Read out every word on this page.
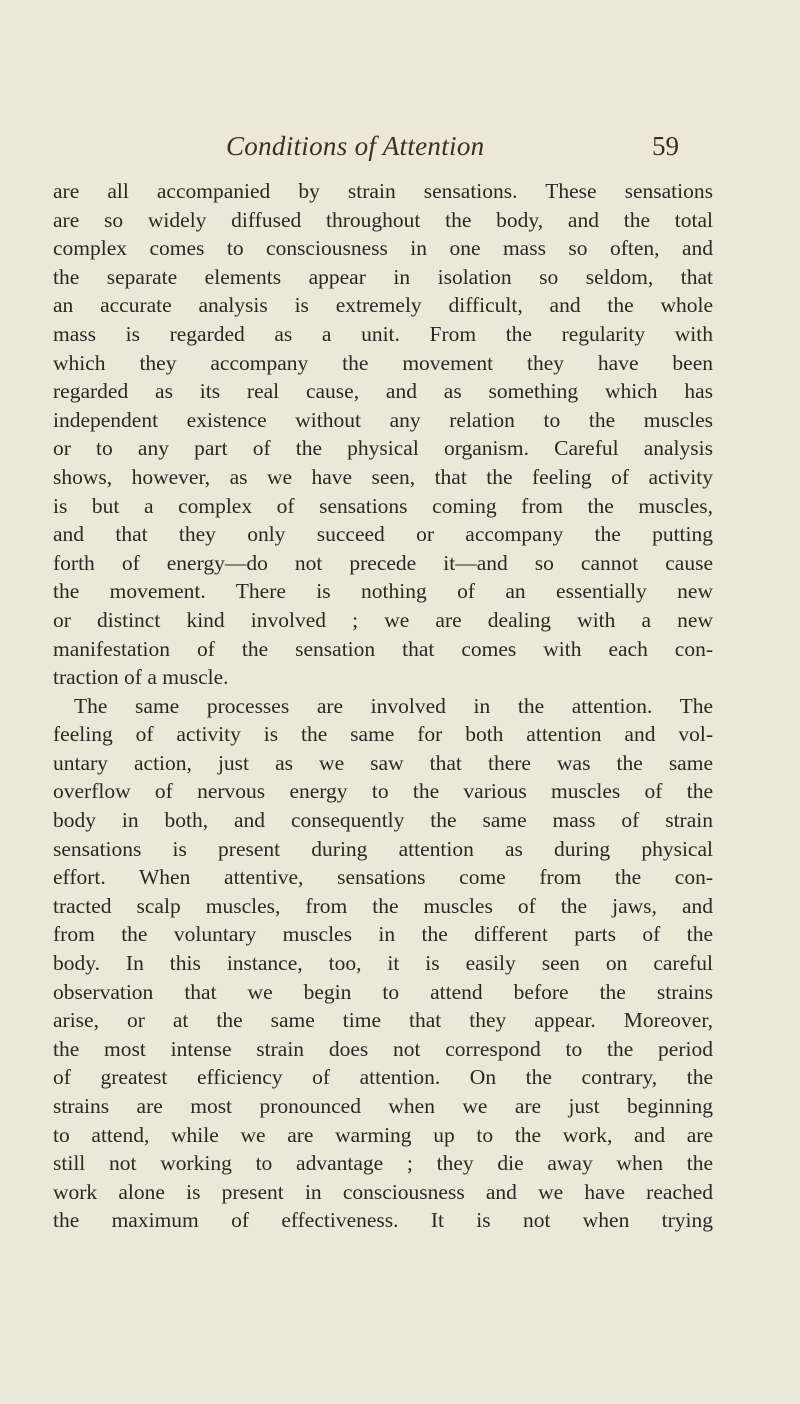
Conditions of Attention	59
are all accompanied by strain sensations. These sensations
are so widely diffused throughout the body, and the total
complex comes to consciousness in one mass so often, and
the separate elements appear in isolation so seldom, that
an accurate analysis is extremely difficult, and the whole
mass is regarded as a unit. From the regularity with
which they accompany the movement they have been
regarded as its real cause, and as something which has
independent existence without any relation to the muscles
or to any part of the physical organism. Careful analysis
shows, however, as we have seen, that the feeling of activity
is but a complex of sensations coming from the muscles,
and that they only succeed or accompany the putting
forth of energy—do not precede it—and so cannot cause
the movement. There is nothing of an essentially new
or distinct kind involved ; we are dealing with a new
manifestation of the sensation that comes with each con-
traction of a muscle.
The same processes are involved in the attention. The
feeling of activity is the same for both attention and vol-
untary action, just as we saw that there was the same
overflow of nervous energy to the various muscles of the
body in both, and consequently the same mass of strain
sensations is present during attention as during physical
effort. When attentive, sensations come from the con-
tracted scalp muscles, from the muscles of the jaws, and
from the voluntary muscles in the different parts of the
body. In this instance, too, it is easily seen on careful
observation that we begin to attend before the strains
arise, or at the same time that they appear. Moreover,
the most intense strain does not correspond to the period
of greatest efficiency of attention. On the contrary, the
strains are most pronounced when we are just beginning
to attend, while we are warming up to the work, and are
still not working to advantage ; they die away when the
work alone is present in consciousness and we have reached
the maximum of effectiveness. It is not when trying
